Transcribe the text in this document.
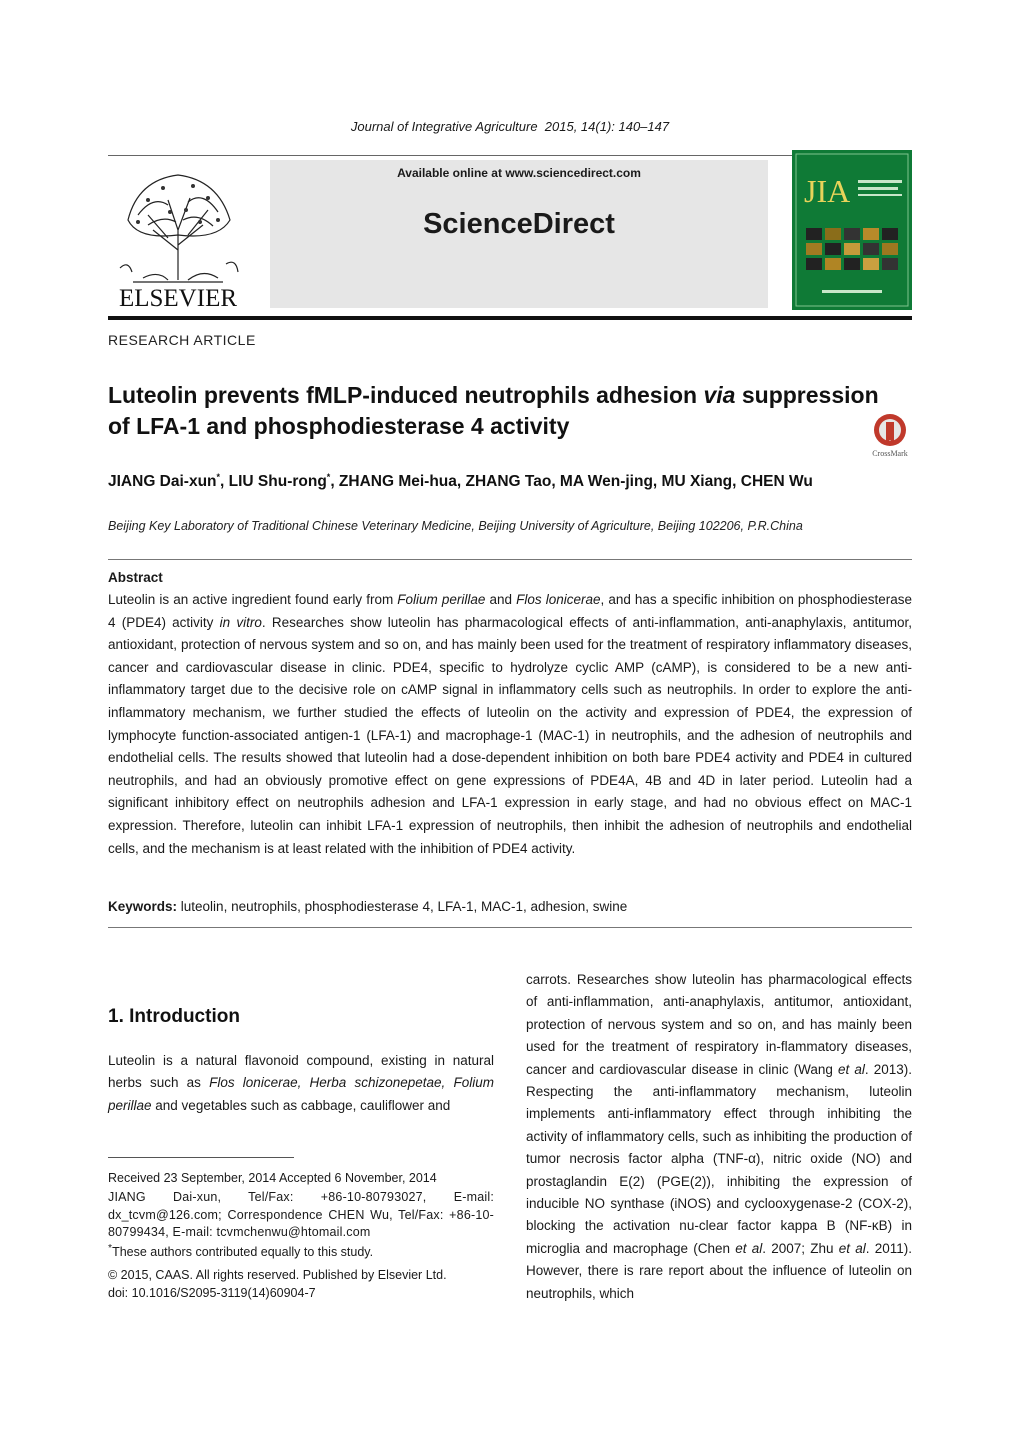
Journal of Integrative Agriculture 2015, 14(1): 140–147
ELSEVIER
Available online at www.sciencedirect.com
ScienceDirect
JIA
RESEARCH ARTICLE
Luteolin prevents fMLP-induced neutrophils adhesion via suppression
of LFA-1 and phosphodiesterase 4 activity
CrossMark
JIANG Dai-xun*, LIU Shu-rong*, ZHANG Mei-hua, ZHANG Tao, MA Wen-jing, MU Xiang, CHEN Wu
Beijing Key Laboratory of Traditional Chinese Veterinary Medicine, Beijing University of Agriculture, Beijing 102206, P.R.China
Abstract
Luteolin is an active ingredient found early from Folium perillae and Flos lonicerae, and has a specific inhibition on phosphodiesterase 4 (PDE4) activity in vitro. Researches show luteolin has pharmacological effects of anti-inflammation, anti-anaphylaxis, antitumor, antioxidant, protection of nervous system and so on, and has mainly been used for the treatment of respiratory inflammatory diseases, cancer and cardiovascular disease in clinic. PDE4, specific to hydrolyze cyclic AMP (cAMP), is considered to be a new anti-inflammatory target due to the decisive role on cAMP signal in inflammatory cells such as neutrophils. In order to explore the anti-inflammatory mechanism, we further studied the effects of luteolin on the activity and expression of PDE4, the expression of lymphocyte function-associated antigen-1 (LFA-1) and macrophage-1 (MAC-1) in neutrophils, and the adhesion of neutrophils and endothelial cells. The results showed that luteolin had a dose-dependent inhibition on both bare PDE4 activity and PDE4 in cultured neutrophils, and had an obviously promotive effect on gene expressions of PDE4A, 4B and 4D in later period. Luteolin had a significant inhibitory effect on neutrophils adhesion and LFA-1 expression in early stage, and had no obvious effect on MAC-1 expression. Therefore, luteolin can inhibit LFA-1 expression of neutrophils, then inhibit the adhesion of neutrophils and endothelial cells, and the mechanism is at least related with the inhibition of PDE4 activity.
Keywords: luteolin, neutrophils, phosphodiesterase 4, LFA-1, MAC-1, adhesion, swine
1. Introduction
Luteolin is a natural flavonoid compound, existing in natural herbs such as Flos lonicerae, Herba schizonepetae, Folium perillae and vegetables such as cabbage, cauliflower and
carrots. Researches show luteolin has pharmacological effects of anti-inflammation, anti-anaphylaxis, antitumor, antioxidant, protection of nervous system and so on, and has mainly been used for the treatment of respiratory in-flammatory diseases, cancer and cardiovascular disease in clinic (Wang et al. 2013). Respecting the anti-inflammatory mechanism, luteolin implements anti-inflammatory effect through inhibiting the activity of inflammatory cells, such as inhibiting the production of tumor necrosis factor alpha (TNF-α), nitric oxide (NO) and prostaglandin E(2) (PGE(2)), inhibiting the expression of inducible NO synthase (iNOS) and cyclooxygenase-2 (COX-2), blocking the activation nu-clear factor kappa B (NF-κB) in microglia and macrophage (Chen et al. 2007; Zhu et al. 2011). However, there is rare report about the influence of luteolin on neutrophils, which
Received 23 September, 2014 Accepted 6 November, 2014
JIANG Dai-xun, Tel/Fax: +86-10-80793027, E-mail: dx_tcvm@126.com; Correspondence CHEN Wu, Tel/Fax: +86-10-80799434, E-mail: tcvmchenwu@htomail.com
*These authors contributed equally to this study.
© 2015, CAAS. All rights reserved. Published by Elsevier Ltd.
doi: 10.1016/S2095-3119(14)60904-7
